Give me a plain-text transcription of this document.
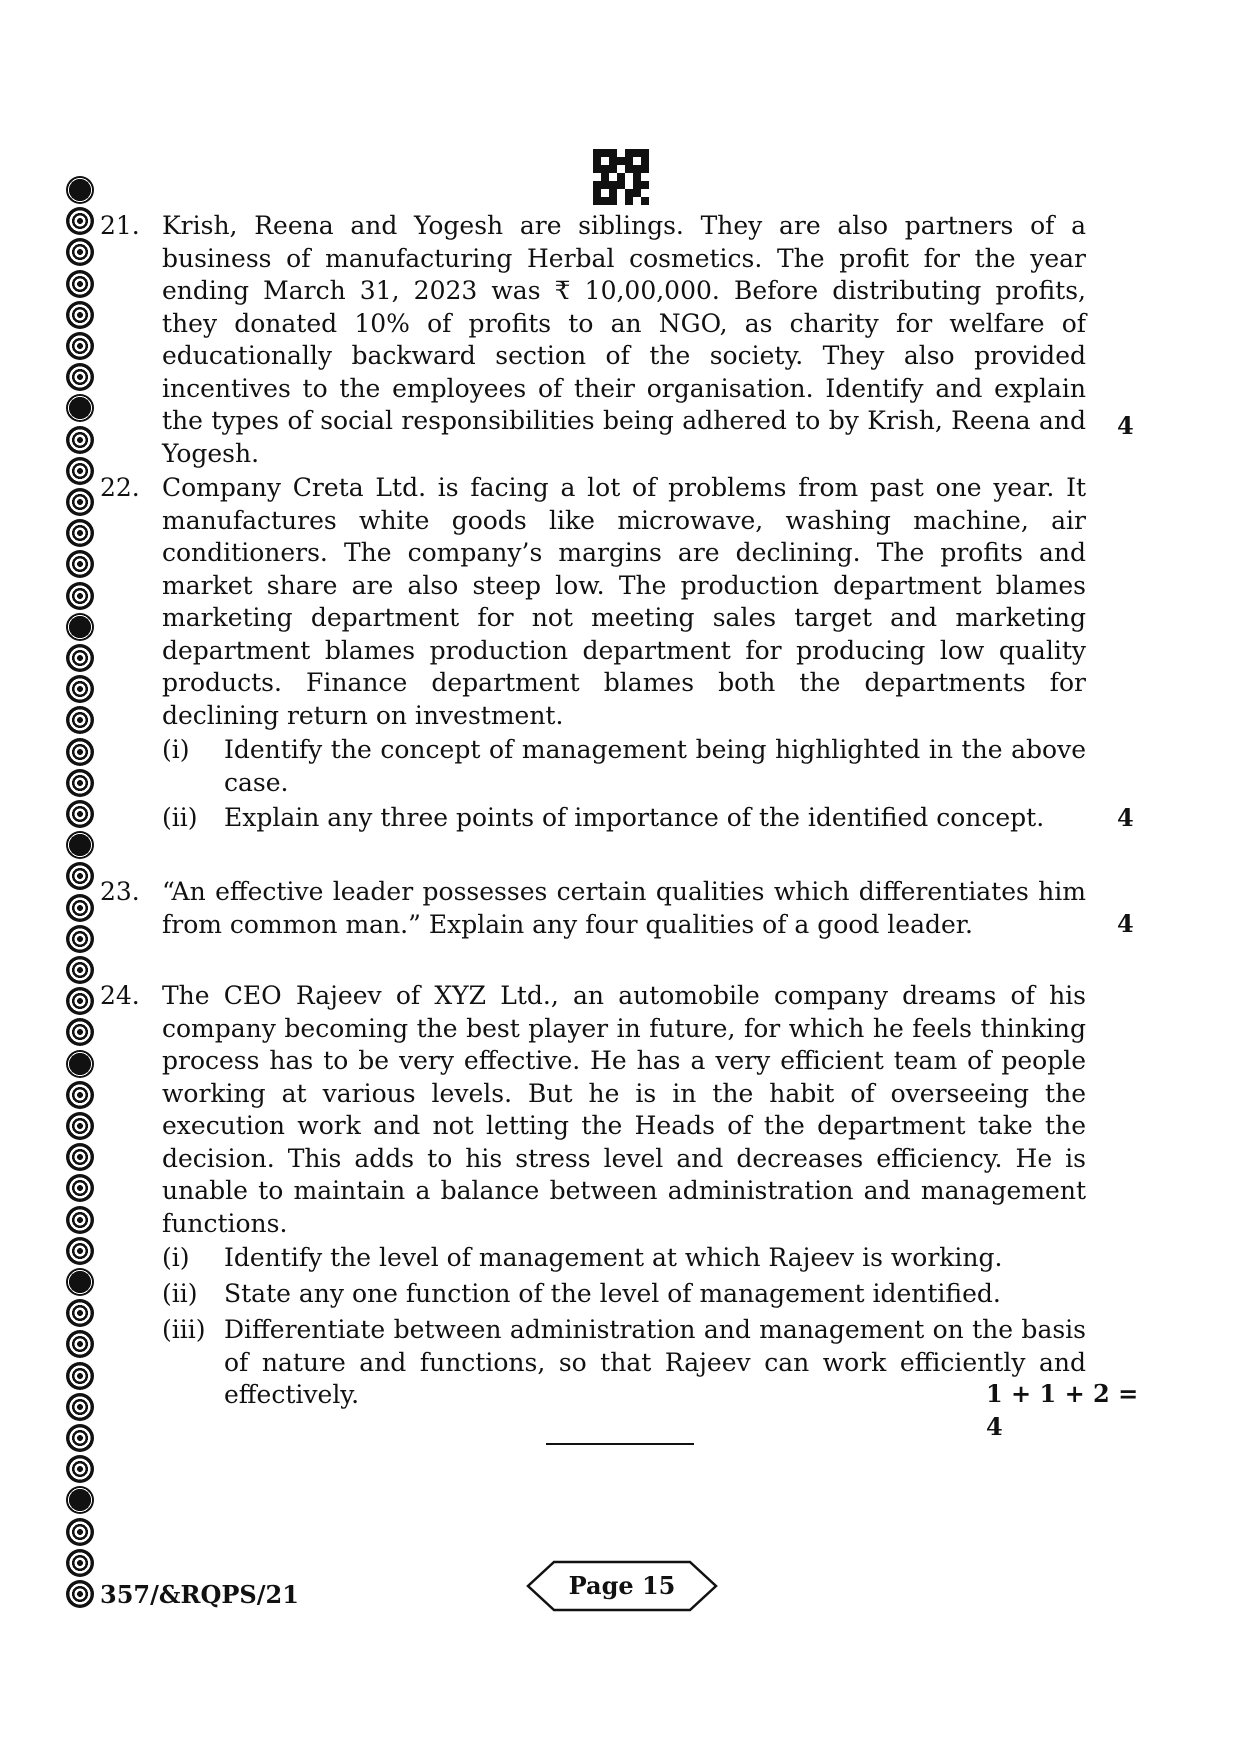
21. Krish, Reena and Yogesh are siblings. They are also partners of a business of manufacturing Herbal cosmetics. The profit for the year ending March 31, 2023 was ₹ 10,00,000. Before distributing profits, they donated 10% of profits to an NGO, as charity for welfare of educationally backward section of the society. They also provided incentives to the employees of their organisation. Identify and explain the types of social responsibilities being adhered to by Krish, Reena and Yogesh.
4
22. Company Creta Ltd. is facing a lot of problems from past one year. It manufactures white goods like microwave, washing machine, air conditioners. The company’s margins are declining. The profits and market share are also steep low. The production department blames marketing department for not meeting sales target and marketing department blames production department for producing low quality products. Finance department blames both the departments for declining return on investment.
(i) Identify the concept of management being highlighted in the above case.
(ii) Explain any three points of importance of the identified concept.	4
23. “An effective leader possesses certain qualities which differentiates him from common man.” Explain any four qualities of a good leader.	4
24. The CEO Rajeev of XYZ Ltd., an automobile company dreams of his company becoming the best player in future, for which he feels thinking process has to be very effective. He has a very efficient team of people working at various levels. But he is in the habit of overseeing the execution work and not letting the Heads of the department take the decision. This adds to his stress level and decreases efficiency. He is unable to maintain a balance between administration and management functions.
(i) Identify the level of management at which Rajeev is working.
(ii) State any one function of the level of management identified.
(iii) Differentiate between administration and management on the basis of nature and functions, so that Rajeev can work efficiently and effectively.	1 + 1 + 2 = 4
357/&RQPS/21	Page 15
